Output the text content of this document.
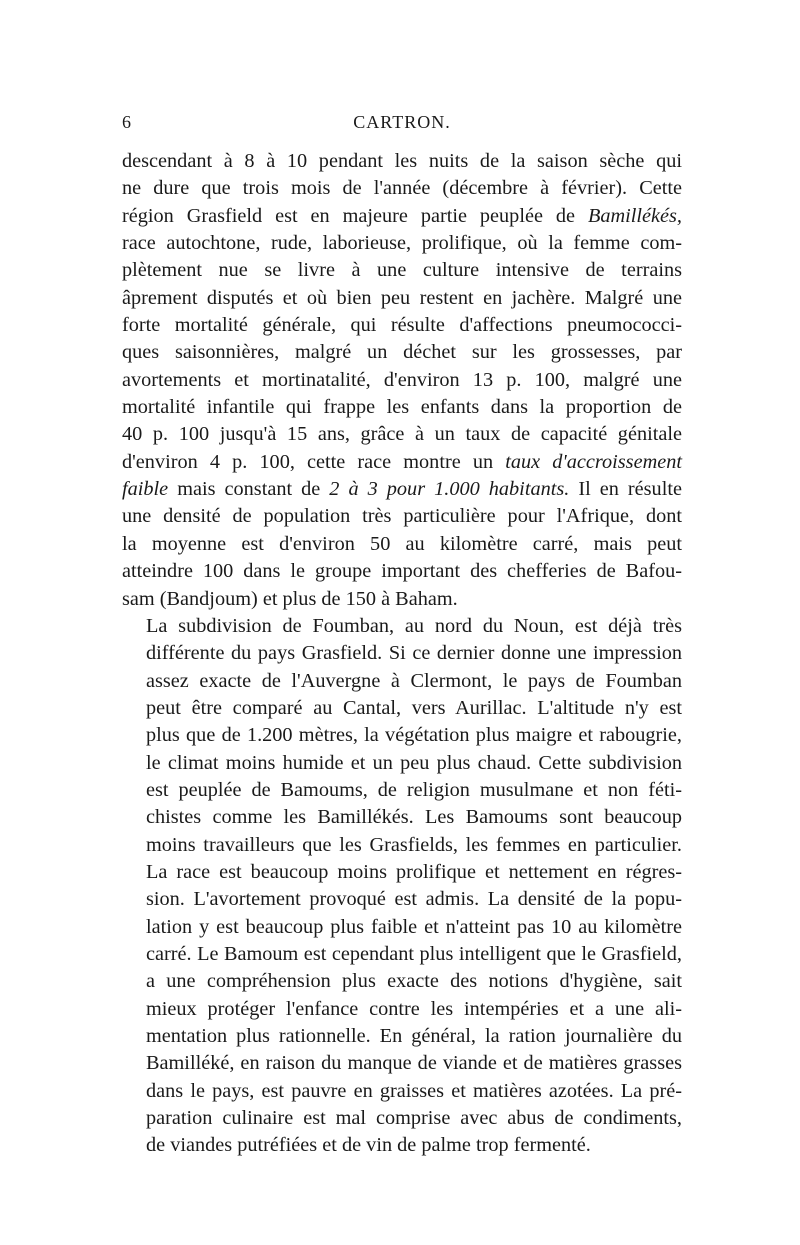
6	CARTRON.

descendant à 8 à 10 pendant les nuits de la saison sèche qui
ne dure que trois mois de l'année (décembre à février). Cette
région Grasfield est en majeure partie peuplée de Bamillékés,
race autochtone, rude, laborieuse, prolifique, où la femme com-
plètement nue se livre à une culture intensive de terrains
âprement disputés et où bien peu restent en jachère. Malgré une
forte mortalité générale, qui résulte d'affections pneumococci-
ques saisonnières, malgré un déchet sur les grossesses, par
avortements et mortinatalité, d'environ 13 p. 100, malgré une
mortalité infantile qui frappe les enfants dans la proportion de
40 p. 100 jusqu'à 15 ans, grâce à un taux de capacité génitale
d'environ 4 p. 100, cette race montre un taux d'accroissement
faible mais constant de 2 à 3 pour 1.000 habitants. Il en résulte
une densité de population très particulière pour l'Afrique, dont
la moyenne est d'environ 50 au kilomètre carré, mais peut
atteindre 100 dans le groupe important des chefferies de Bafou-
sam (Bandjoum) et plus de 150 à Baham.

La subdivision de Foumban, au nord du Noun, est déjà très
différente du pays Grasfield. Si ce dernier donne une impression
assez exacte de l'Auvergne à Clermont, le pays de Foumban
peut être comparé au Cantal, vers Aurillac. L'altitude n'y est
plus que de 1.200 mètres, la végétation plus maigre et rabougrie,
le climat moins humide et un peu plus chaud. Cette subdivision
est peuplée de Bamoums, de religion musulmane et non féti-
chistes comme les Bamillékés. Les Bamoums sont beaucoup
moins travailleurs que les Grasfields, les femmes en particulier.
La race est beaucoup moins prolifique et nettement en régres-
sion. L'avortement provoqué est admis. La densité de la popu-
lation y est beaucoup plus faible et n'atteint pas 10 au kilomètre
carré. Le Bamoum est cependant plus intelligent que le Grasfield,
a une compréhension plus exacte des notions d'hygiène, sait
mieux protéger l'enfance contre les intempéries et a une ali-
mentation plus rationnelle. En général, la ration journalière du
Bamilléké, en raison du manque de viande et de matières grasses
dans le pays, est pauvre en graisses et matières azotées. La pré-
paration culinaire est mal comprise avec abus de condiments,
de viandes putréfiées et de vin de palme trop fermenté.
